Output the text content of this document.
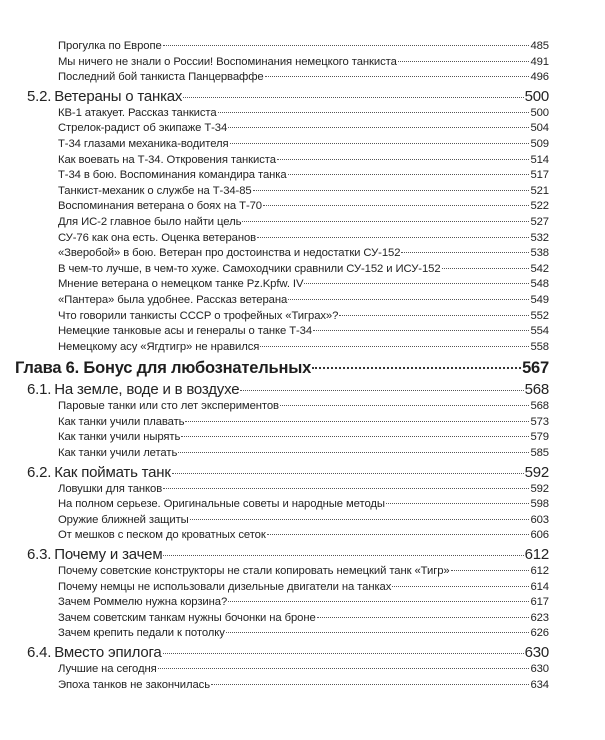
Прогулка по Европе	485
Мы ничего не знали о России! Воспоминания немецкого танкиста	491
Последний бой танкиста Панцерваффе	496
5.2. Ветераны о танках	500
КВ-1 атакует. Рассказ танкиста	500
Стрелок-радист об экипаже Т-34	504
Т-34 глазами механика-водителя	509
Как воевать на Т-34. Откровения танкиста	514
Т-34 в бою. Воспоминания командира танка	517
Танкист-механик о службе на Т-34-85	521
Воспоминания ветерана о боях на Т-70	522
Для ИС-2 главное было найти цель	527
СУ-76 как она есть. Оценка ветеранов	532
«Зверобой» в бою. Ветеран про достоинства и недостатки СУ-152	538
В чем-то лучше, в чем-то хуже. Самоходчики сравнили СУ-152 и ИСУ-152	542
Мнение ветерана о немецком танке Pz.Kpfw. IV	548
«Пантера» была удобнее. Рассказ ветерана	549
Что говорили танкисты СССР о трофейных «Тиграх»?	552
Немецкие танковые асы и генералы о танке Т-34	554
Немецкому асу «Ягдтигр» не нравился	558
Глава 6. Бонус для любознательных	567
6.1. На земле, воде и в воздухе	568
Паровые танки или сто лет экспериментов	568
Как танки учили плавать	573
Как танки учили нырять	579
Как танки учили летать	585
6.2. Как поймать танк	592
Ловушки для танков	592
На полном серьезе. Оригинальные советы и народные методы	598
Оружие ближней защиты	603
От мешков с песком до кроватных сеток	606
6.3. Почему и зачем	612
Почему советские конструкторы не стали копировать немецкий танк «Тигр»	612
Почему немцы не использовали дизельные двигатели на танках	614
Зачем Роммелю нужна корзина?	617
Зачем советским танкам нужны бочонки на броне	623
Зачем крепить педали к потолку	626
6.4. Вместо эпилога	630
Лучшие на сегодня	630
Эпоха танков не закончилась	634
